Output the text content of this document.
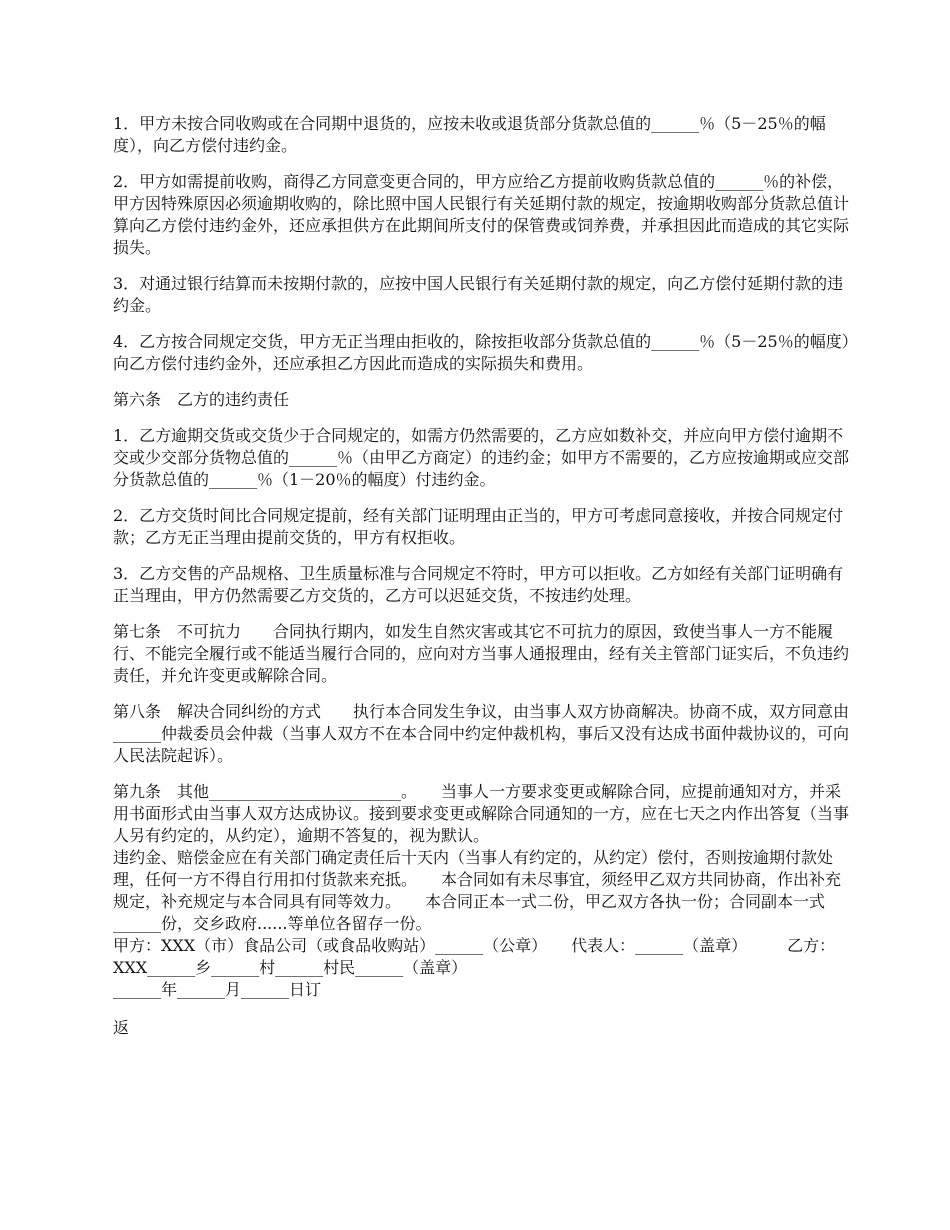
1．甲方未按合同收购或在合同期中退货的，应按未收或退货部分货款总值的______％（5－25％的幅度），向乙方偿付违约金。

2．甲方如需提前收购，商得乙方同意变更合同的，甲方应给乙方提前收购货款总值的______％的补偿，甲方因特殊原因必须逾期收购的，除比照中国人民银行有关延期付款的规定，按逾期收购部分货款总值计算向乙方偿付违约金外，还应承担供方在此期间所支付的保管费或饲养费，并承担因此而造成的其它实际损失。

3．对通过银行结算而未按期付款的，应按中国人民银行有关延期付款的规定，向乙方偿付延期付款的违约金。

4．乙方按合同规定交货，甲方无正当理由拒收的，除按拒收部分货款总值的______％（5－25％的幅度）向乙方偿付违约金外，还应承担乙方因此而造成的实际损失和费用。

第六条　乙方的违约责任

1．乙方逾期交货或交货少于合同规定的，如需方仍然需要的，乙方应如数补交，并应向甲方偿付逾期不交或少交部分货物总值的______％（由甲乙方商定）的违约金；如甲方不需要的，乙方应按逾期或应交部分货款总值的______％（1－20％的幅度）付违约金。

2．乙方交货时间比合同规定提前，经有关部门证明理由正当的，甲方可考虑同意接收，并按合同规定付款；乙方无正当理由提前交货的，甲方有权拒收。

3．乙方交售的产品规格、卫生质量标准与合同规定不符时，甲方可以拒收。乙方如经有关部门证明确有正当理由，甲方仍然需要乙方交货的，乙方可以迟延交货，不按违约处理。

第七条　不可抗力　　合同执行期内，如发生自然灾害或其它不可抗力的原因，致使当事人一方不能履行、不能完全履行或不能适当履行合同的，应向对方当事人通报理由，经有关主管部门证实后，不负违约责任，并允许变更或解除合同。

第八条　解决合同纠纷的方式　　执行本合同发生争议，由当事人双方协商解决。协商不成，双方同意由______仲裁委员会仲裁（当事人双方不在本合同中约定仲裁机构，事后又没有达成书面仲裁协议的，可向人民法院起诉）。

第九条　其他________________________。　　当事人一方要求变更或解除合同，应提前通知对方，并采用书面形式由当事人双方达成协议。接到要求变更或解除合同通知的一方，应在七天之内作出答复（当事人另有约定的，从约定），逾期不答复的，视为默认。

违约金、赔偿金应在有关部门确定责任后十天内（当事人有约定的，从约定）偿付，否则按逾期付款处理，任何一方不得自行用扣付货款来充抵。　　本合同如有未尽事宜，须经甲乙双方共同协商，作出补充规定，补充规定与本合同具有同等效力。　　本合同正本一式二份，甲乙双方各执一份；合同副本一式______份，交乡政府......等单位各留存一份。

甲方：XXX（市）食品公司（或食品收购站）______（公章）　　代表人：______（盖章）　　　乙方：XXX______乡______村______村民______（盖章）

______年______月______日订

返
